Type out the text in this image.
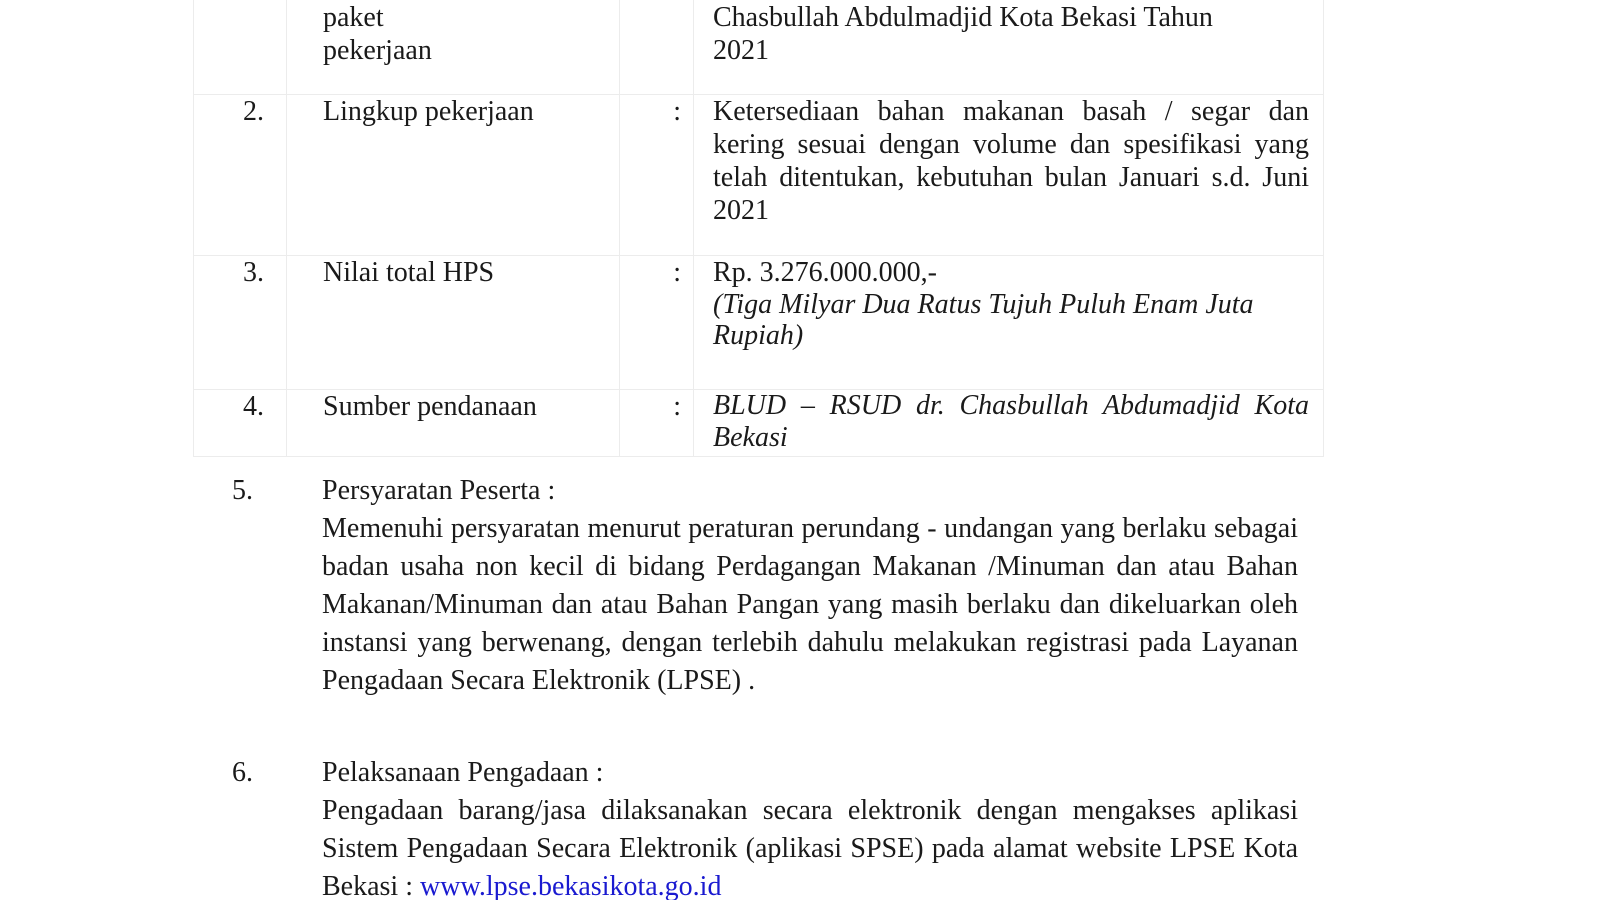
	paket
pekerjaan		Chasbullah Abdulmadjid Kota Bekasi Tahun 2021

2.	Lingkup pekerjaan	:	Ketersediaan bahan makanan basah / segar dan kering sesuai dengan volume dan spesifikasi yang telah ditentukan, kebutuhan bulan Januari s.d. Juni 2021
3.	Nilai total HPS	:	Rp. 3.276.000.000,-
(Tiga Milyar Dua Ratus Tujuh Puluh Enam Juta Rupiah)

4.	Sumber pendanaan	:	BLUD – RSUD dr. Chasbullah Abdumadjid Kota Bekasi
5. Persyaratan Peserta :
Memenuhi persyaratan menurut peraturan perundang - undangan yang berlaku sebagai badan usaha non kecil di bidang Perdagangan Makanan /Minuman dan atau Bahan Makanan/Minuman dan atau Bahan Pangan yang masih berlaku dan dikeluarkan oleh instansi yang berwenang, dengan terlebih dahulu melakukan registrasi pada Layanan Pengadaan Secara Elektronik (LPSE) .
6. Pelaksanaan Pengadaan :
Pengadaan barang/jasa dilaksanakan secara elektronik dengan mengakses aplikasi Sistem Pengadaan Secara Elektronik (aplikasi SPSE) pada alamat website LPSE Kota Bekasi : www.lpse.bekasikota.go.id
